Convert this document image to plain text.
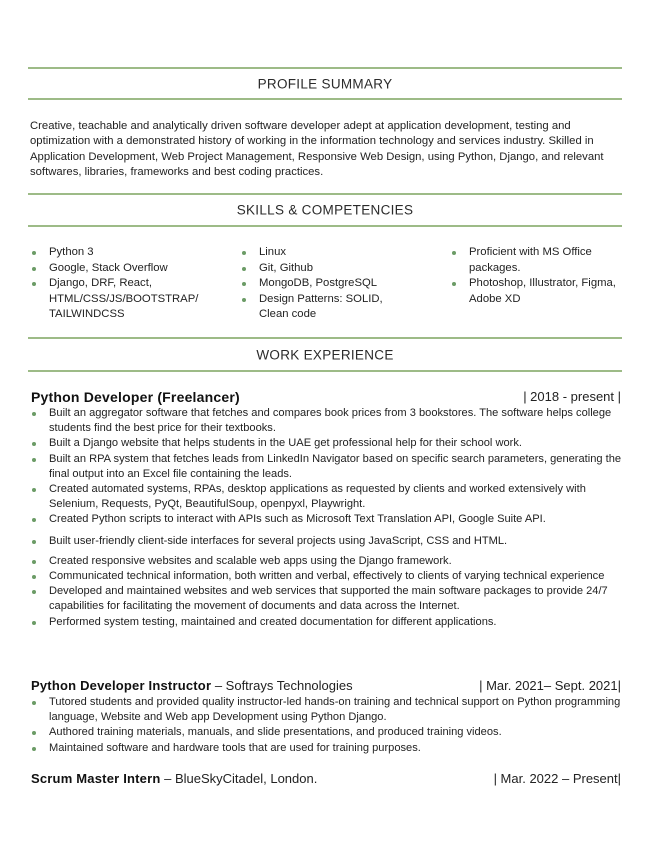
PROFILE SUMMARY
Creative, teachable and analytically driven software developer adept at application development, testing and optimization with a demonstrated history of working in the information technology and services industry. Skilled in Application Development, Web Project Management, Responsive Web Design, using Python, Django, and relevant softwares, libraries, frameworks and best coding practices.
SKILLS & COMPETENCIES
Python 3
Google, Stack Overflow
Django, DRF, React, HTML/CSS/JS/BOOTSTRAP/ TAILWINDCSS
Linux
Git, Github
MongoDB, PostgreSQL
Design Patterns: SOLID, Clean code
Proficient with MS Office packages.
Photoshop, Illustrator, Figma, Adobe XD
WORK EXPERIENCE
Python Developer (Freelancer)	| 2018 - present |
Built an aggregator software that fetches and compares book prices from 3 bookstores. The software helps college students find the best price for their textbooks.
Built a Django website that helps students in the UAE get professional help for their school work.
Built an RPA system that fetches leads from LinkedIn Navigator based on specific search parameters, generating the final output into an Excel file containing the leads.
Created automated systems, RPAs, desktop applications as requested by clients and worked extensively with Selenium, Requests, PyQt, BeautifulSoup, openpyxl, Playwright.
Created Python scripts to interact with APIs such as Microsoft Text Translation API, Google Suite API.
Built user-friendly client-side interfaces for several projects using JavaScript, CSS and HTML.
Created responsive websites and scalable web apps using the Django framework.
Communicated technical information, both written and verbal, effectively to clients of varying technical experience
Developed and maintained websites and web services that supported the main software packages to provide 24/7 capabilities for facilitating the movement of documents and data across the Internet.
Performed system testing, maintained and created documentation for different applications.
Python Developer Instructor – Softrays Technologies	| Mar. 2021– Sept. 2021|
Tutored students and provided quality instructor-led hands-on training and technical support on Python programming language, Website and Web app Development using Python Django.
Authored training materials, manuals, and slide presentations, and produced training videos.
Maintained software and hardware tools that are used for training purposes.
Scrum Master Intern – BlueSkyCitadel, London.	| Mar. 2022 – Present|
